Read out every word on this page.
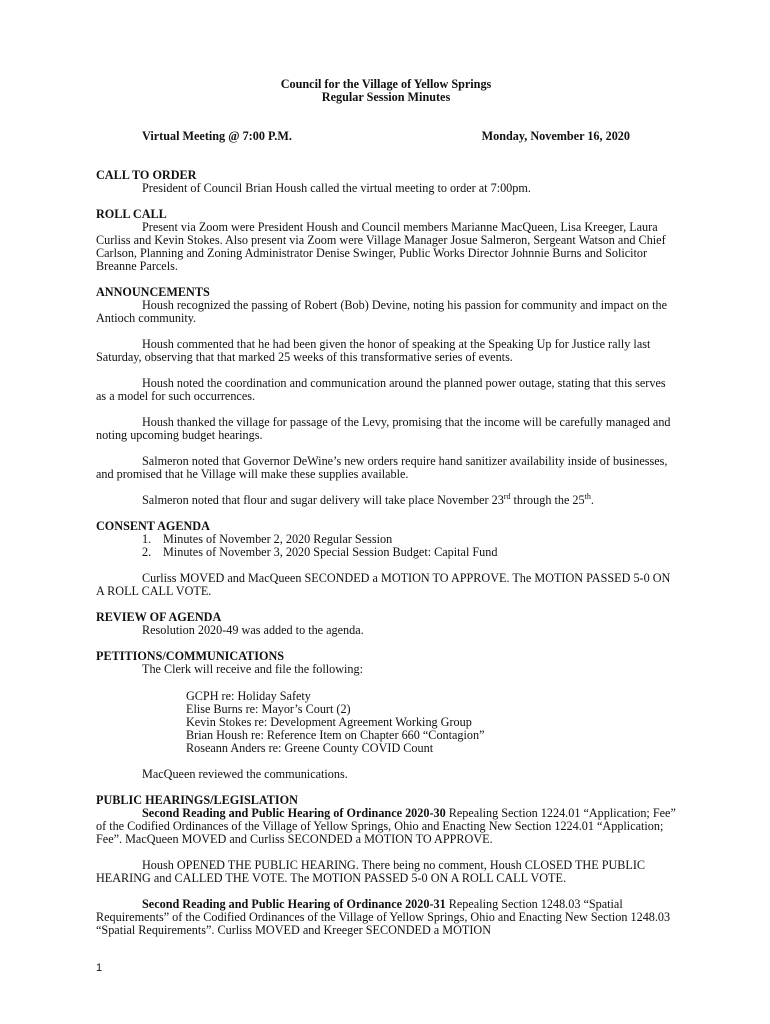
Council for the Village of Yellow Springs
Regular Session Minutes
Virtual Meeting @ 7:00 P.M.	Monday, November 16, 2020
CALL TO ORDER
President of Council Brian Housh called the virtual meeting to order at 7:00pm.
ROLL CALL
Present via Zoom were President Housh and Council members Marianne MacQueen, Lisa Kreeger, Laura Curliss and Kevin Stokes. Also present via Zoom were Village Manager Josue Salmeron, Sergeant Watson and Chief Carlson, Planning and Zoning Administrator Denise Swinger, Public Works Director Johnnie Burns and Solicitor Breanne Parcels.
ANNOUNCEMENTS
Housh recognized the passing of Robert (Bob) Devine, noting his passion for community and impact on the Antioch community.
Housh commented that he had been given the honor of speaking at the Speaking Up for Justice rally last Saturday, observing that that marked 25 weeks of this transformative series of events.
Housh noted the coordination and communication around the planned power outage, stating that this serves as a model for such occurrences.
Housh thanked the village for passage of the Levy, promising that the income will be carefully managed and noting upcoming budget hearings.
Salmeron noted that Governor DeWine’s new orders require hand sanitizer availability inside of businesses, and promised that he Village will make these supplies available.
Salmeron noted that flour and sugar delivery will take place November 23rd through the 25th.
CONSENT AGENDA
1. Minutes of November 2, 2020 Regular Session
2. Minutes of November 3, 2020 Special Session Budget: Capital Fund
Curliss MOVED and MacQueen SECONDED a MOTION TO APPROVE. The MOTION PASSED 5-0 ON A ROLL CALL VOTE.
REVIEW OF AGENDA
Resolution 2020-49 was added to the agenda.
PETITIONS/COMMUNICATIONS
The Clerk will receive and file the following:
GCPH re: Holiday Safety
Elise Burns re: Mayor’s Court (2)
Kevin Stokes re: Development Agreement Working Group
Brian Housh re: Reference Item on Chapter 660 “Contagion”
Roseann Anders re: Greene County COVID Count
MacQueen reviewed the communications.
PUBLIC HEARINGS/LEGISLATION
Second Reading and Public Hearing of Ordinance 2020-30 Repealing Section 1224.01 “Application; Fee” of the Codified Ordinances of the Village of Yellow Springs, Ohio and Enacting New Section 1224.01 “Application; Fee”. MacQueen MOVED and Curliss SECONDED a MOTION TO APPROVE.
Housh OPENED THE PUBLIC HEARING. There being no comment, Housh CLOSED THE PUBLIC HEARING and CALLED THE VOTE. The MOTION PASSED 5-0 ON A ROLL CALL VOTE.
Second Reading and Public Hearing of Ordinance 2020-31 Repealing Section 1248.03 “Spatial Requirements” of the Codified Ordinances of the Village of Yellow Springs, Ohio and Enacting New Section 1248.03 “Spatial Requirements”. Curliss MOVED and Kreeger SECONDED a MOTION
1
